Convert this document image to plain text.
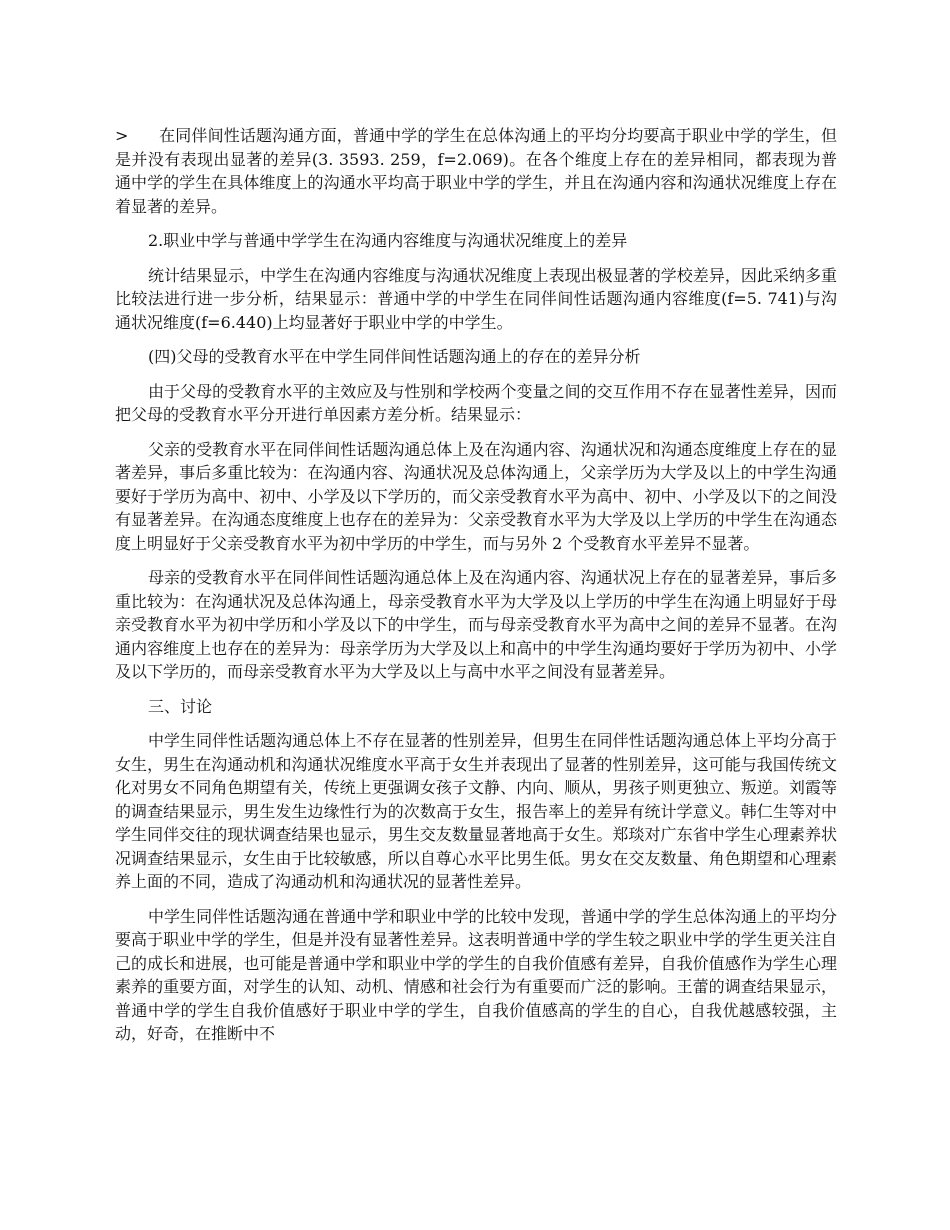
> 在同伴间性话题沟通方面，普通中学的学生在总体沟通上的平均分均要高于职业中学的学生，但是并没有表现出显著的差异(3. 3593. 259，f=2.069)。在各个维度上存在的差异相同，都表现为普通中学的学生在具体维度上的沟通水平均高于职业中学的学生，并且在沟通内容和沟通状况维度上存在着显著的差异。

2.职业中学与普通中学学生在沟通内容维度与沟通状况维度上的差异

统计结果显示，中学生在沟通内容维度与沟通状况维度上表现出极显著的学校差异，因此采纳多重比较法进行进一步分析，结果显示：普通中学的中学生在同伴间性话题沟通内容维度(f=5. 741)与沟通状况维度(f=6.440)上均显著好于职业中学的中学生。

(四)父母的受教育水平在中学生同伴间性话题沟通上的存在的差异分析

由于父母的受教育水平的主效应及与性别和学校两个变量之间的交互作用不存在显著性差异，因而把父母的受教育水平分开进行单因素方差分析。结果显示：

父亲的受教育水平在同伴间性话题沟通总体上及在沟通内容、沟通状况和沟通态度维度上存在的显著差异，事后多重比较为：在沟通内容、沟通状况及总体沟通上，父亲学历为大学及以上的中学生沟通要好于学历为高中、初中、小学及以下学历的，而父亲受教育水平为高中、初中、小学及以下的之间没有显著差异。在沟通态度维度上也存在的差异为：父亲受教育水平为大学及以上学历的中学生在沟通态度上明显好于父亲受教育水平为初中学历的中学生，而与另外 2 个受教育水平差异不显著。

母亲的受教育水平在同伴间性话题沟通总体上及在沟通内容、沟通状况上存在的显著差异，事后多重比较为：在沟通状况及总体沟通上，母亲受教育水平为大学及以上学历的中学生在沟通上明显好于母亲受教育水平为初中学历和小学及以下的中学生，而与母亲受教育水平为高中之间的差异不显著。在沟通内容维度上也存在的差异为：母亲学历为大学及以上和高中的中学生沟通均要好于学历为初中、小学及以下学历的，而母亲受教育水平为大学及以上与高中水平之间没有显著差异。

三、讨论

中学生同伴性话题沟通总体上不存在显著的性别差异，但男生在同伴性话题沟通总体上平均分高于女生，男生在沟通动机和沟通状况维度水平高于女生并表现出了显著的性别差异，这可能与我国传统文化对男女不同角色期望有关，传统上更强调女孩子文静、内向、顺从，男孩子则更独立、叛逆。刘霞等的调查结果显示，男生发生边缘性行为的次数高于女生，报告率上的差异有统计学意义。韩仁生等对中学生同伴交往的现状调查结果也显示，男生交友数量显著地高于女生。郑琰对广东省中学生心理素养状况调查结果显示，女生由于比较敏感，所以自尊心水平比男生低。男女在交友数量、角色期望和心理素养上面的不同，造成了沟通动机和沟通状况的显著性差异。

中学生同伴性话题沟通在普通中学和职业中学的比较中发现，普通中学的学生总体沟通上的平均分要高于职业中学的学生，但是并没有显著性差异。这表明普通中学的学生较之职业中学的学生更关注自己的成长和进展，也可能是普通中学和职业中学的学生的自我价值感有差异，自我价值感作为学生心理素养的重要方面，对学生的认知、动机、情感和社会行为有重要而广泛的影响。王蕾的调查结果显示，普通中学的学生自我价值感好于职业中学的学生，自我价值感高的学生的自心，自我优越感较强，主动，好奇，在推断中不
